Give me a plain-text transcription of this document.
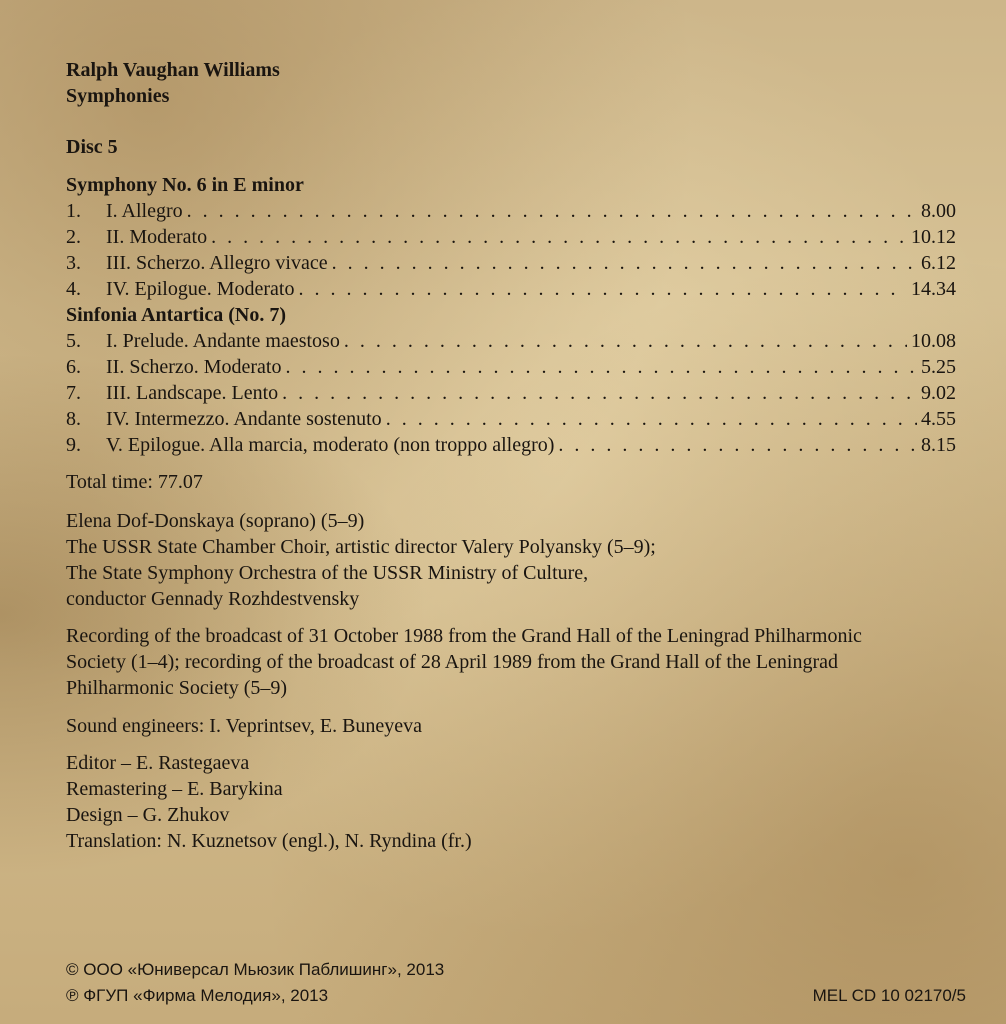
Ralph Vaughan Williams
Symphonies
Disc 5
Symphony No. 6 in E minor
1.	I. Allegro . . .	8.00
2.	II. Moderato . . .	10.12
3.	III. Scherzo. Allegro vivace . . .	6.12
4.	IV. Epilogue. Moderato . . .	14.34
Sinfonia Antartica (No. 7)
5.	I. Prelude. Andante maestoso . . .	10.08
6.	II. Scherzo. Moderato . . .	5.25
7.	III. Landscape. Lento . . .	9.02
8.	IV. Intermezzo. Andante sostenuto . . .	4.55
9.	V. Epilogue. Alla marcia, moderato (non troppo allegro) . . .	8.15
Total time: 77.07
Elena Dof-Donskaya (soprano) (5–9)
The USSR State Chamber Choir, artistic director Valery Polyansky (5–9);
The State Symphony Orchestra of the USSR Ministry of Culture,
conductor Gennady Rozhdestvensky
Recording of the broadcast of 31 October 1988 from the Grand Hall of the Leningrad Philharmonic
Society (1–4); recording of the broadcast of 28 April 1989 from the Grand Hall of the Leningrad
Philharmonic Society (5–9)
Sound engineers: I. Veprintsev, E. Buneyeva
Editor – E. Rastegaeva
Remastering – E. Barykina
Design – G. Zhukov
Translation: N. Kuznetsov (engl.), N. Ryndina (fr.)
© ООО «Юниверсал Мьюзик Паблишинг», 2013
℗ ФГУП «Фирма Мелодия», 2013	MEL CD 10 02170/5
